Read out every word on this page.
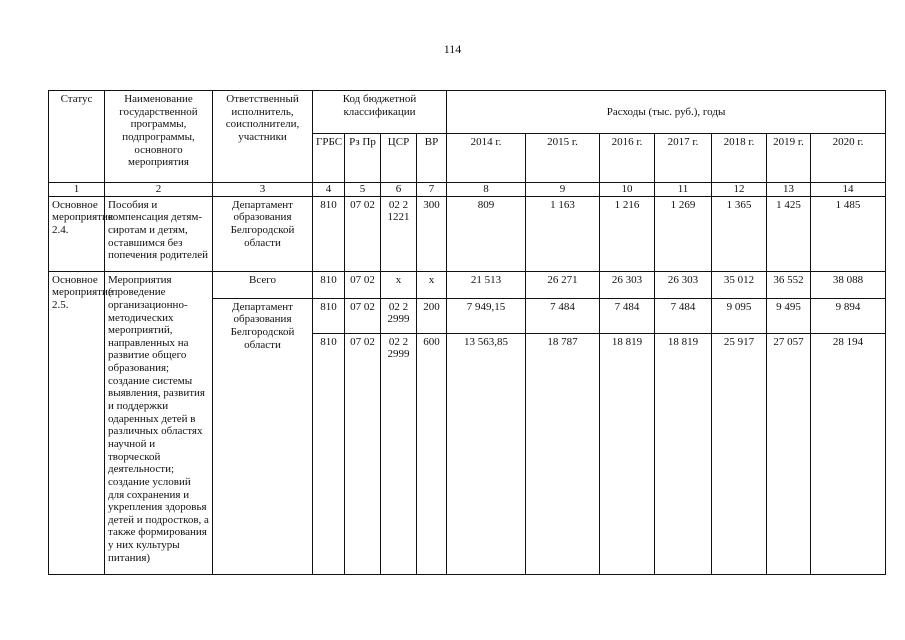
114
Статус	Наименование государственной программы, подпрограммы, основного мероприятия	Ответственный исполнитель, соисполнители, участники	Код бюджетной классификации				Расходы (тыс. руб.), годы						
			ГРБС	Рз Пр	ЦСР	ВР	2014 г.	2015 г.	2016 г.	2017 г.	2018 г.	2019 г.	2020 г.
1	2	3	4	5	6	7	8	9	10	11	12	13	14
Основное мероприятие 2.4.	Пособия и компенсация детям-сиротам и детям, оставшимся без попечения родителей	Департамент образования Белгородской области	810	07 02	02 2 1221	300	809	1 163	1 216	1 269	1 365	1 425	1 485
Основное мероприятие 2.5.	Мероприятия (проведение организационно-методических мероприятий, направленных на развитие общего образования; создание системы выявления, развития и поддержки одаренных детей в различных областях научной и творческой деятельности; создание условий для сохранения и укрепления здоровья детей и подростков, а также формирования у них культуры питания)	Всего	810	07 02	х	х	21 513	26 271	26 303	26 303	35 012	36 552	38 088
		Департамент образования Белгородской области	810	07 02	02 2 2999	200	7 949,15	7 484	7 484	7 484	9 095	9 495	9 894
			810	07 02	02 2 2999	600	13 563,85	18 787	18 819	18 819	25 917	27 057	28 194
